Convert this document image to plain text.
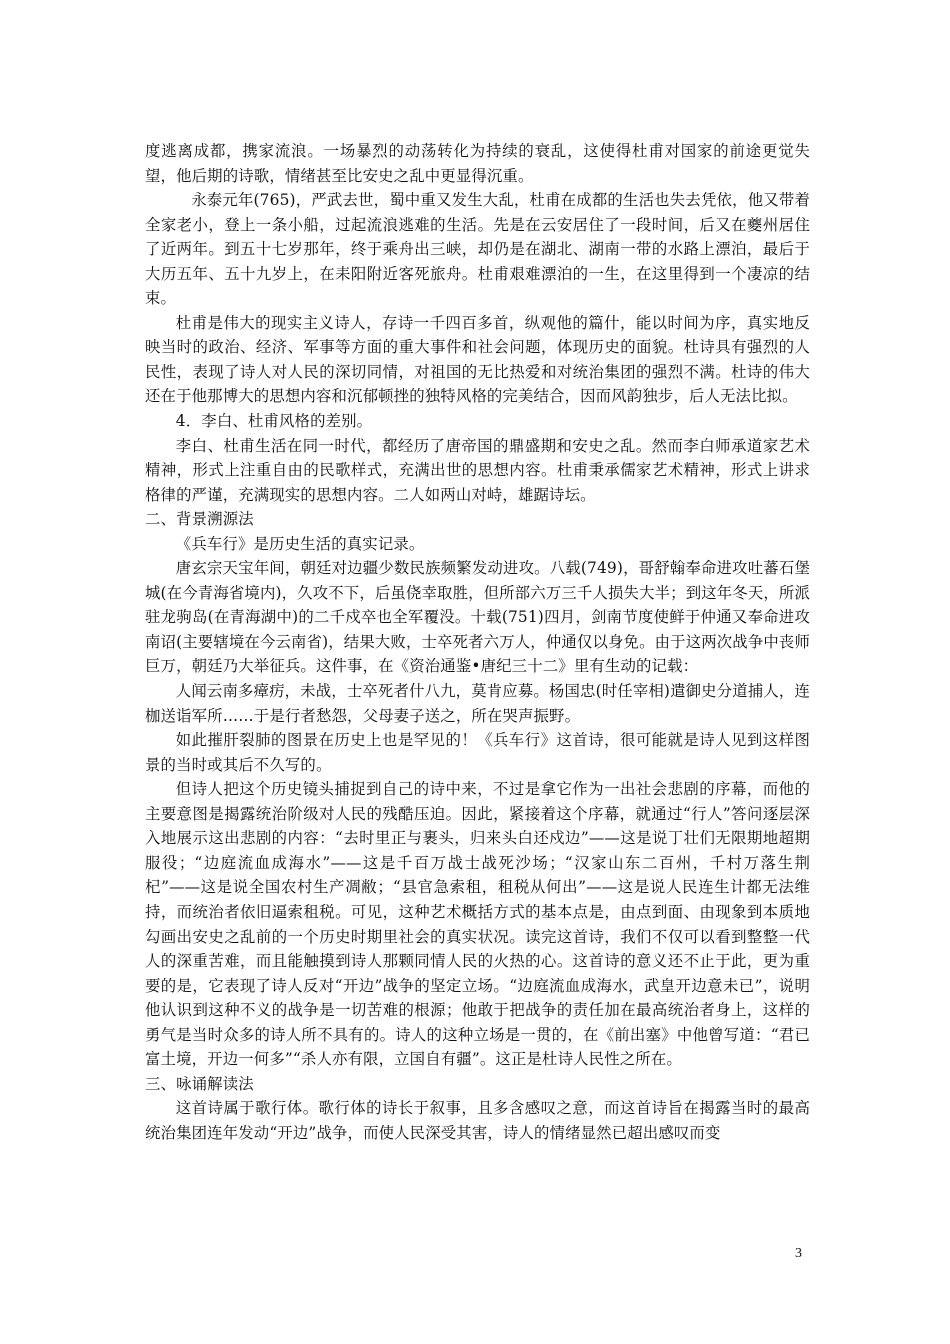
度逃离成都，携家流浪。一场暴烈的动荡转化为持续的衰乱，这使得杜甫对国家的前途更觉失望，他后期的诗歌，情绪甚至比安史之乱中更显得沉重。

永泰元年(765)，严武去世，蜀中重又发生大乱，杜甫在成都的生活也失去凭依，他又带着全家老小，登上一条小船，过起流浪逃难的生活。先是在云安居住了一段时间，后又在夔州居住了近两年。到五十七岁那年，终于乘舟出三峡，却仍是在湖北、湖南一带的水路上漂泊，最后于大历五年、五十九岁上，在耒阳附近客死旅舟。杜甫艰难漂泊的一生，在这里得到一个凄凉的结束。

杜甫是伟大的现实主义诗人，存诗一千四百多首，纵观他的篇什，能以时间为序，真实地反映当时的政治、经济、军事等方面的重大事件和社会问题，体现历史的面貌。杜诗具有强烈的人民性，表现了诗人对人民的深切同情，对祖国的无比热爱和对统治集团的强烈不满。杜诗的伟大还在于他那博大的思想内容和沉郁顿挫的独特风格的完美结合，因而风韵独步，后人无法比拟。

4．李白、杜甫风格的差别。

李白、杜甫生活在同一时代，都经历了唐帝国的鼎盛期和安史之乱。然而李白师承道家艺术精神，形式上注重自由的民歌样式，充满出世的思想内容。杜甫秉承儒家艺术精神，形式上讲求格律的严谨，充满现实的思想内容。二人如两山对峙，雄踞诗坛。

二、背景溯源法

《兵车行》是历史生活的真实记录。

唐玄宗天宝年间，朝廷对边疆少数民族频繁发动进攻。八载(749)，哥舒翰奉命进攻吐蕃石堡城(在今青海省境内)，久攻不下，后虽侥幸取胜，但所部六万三千人损失大半；到这年冬天，所派驻龙驹岛(在青海湖中)的二千戍卒也全军覆没。十载(751)四月，剑南节度使鲜于仲通又奉命进攻南诏(主要辖境在今云南省)，结果大败，士卒死者六万人，仲通仅以身免。由于这两次战争中丧师巨万，朝廷乃大举征兵。这件事，在《资治通鉴•唐纪三十二》里有生动的记载：

人闻云南多瘴疠，未战，士卒死者什八九，莫肯应募。杨国忠(时任宰相)遣御史分道捕人，连枷送诣军所……于是行者愁怨，父母妻子送之，所在哭声振野。

如此摧肝裂肺的图景在历史上也是罕见的！《兵车行》这首诗，很可能就是诗人见到这样图景的当时或其后不久写的。

但诗人把这个历史镜头捕捉到自己的诗中来，不过是拿它作为一出社会悲剧的序幕，而他的主要意图是揭露统治阶级对人民的残酷压迫。因此，紧接着这个序幕，就通过“行人”答问逐层深入地展示这出悲剧的内容：“去时里正与裹头，归来头白还戍边”——这是说丁壮们无限期地超期服役；“边庭流血成海水”——这是千百万战士战死沙场；“汉家山东二百州，千村万落生荆杞”——这是说全国农村生产凋敝；“县官急索租，租税从何出”——这是说人民连生计都无法维持，而统治者依旧逼索租税。可见，这种艺术概括方式的基本点是，由点到面、由现象到本质地勾画出安史之乱前的一个历史时期里社会的真实状况。读完这首诗，我们不仅可以看到整整一代人的深重苦难，而且能触摸到诗人那颗同情人民的火热的心。这首诗的意义还不止于此，更为重要的是，它表现了诗人反对“开边”战争的坚定立场。“边庭流血成海水，武皇开边意未已”，说明他认识到这种不义的战争是一切苦难的根源；他敢于把战争的责任加在最高统治者身上，这样的勇气是当时众多的诗人所不具有的。诗人的这种立场是一贯的，在《前出塞》中他曾写道：“君已富土境，开边一何多”“杀人亦有限，立国自有疆”。这正是杜诗人民性之所在。

三、咏诵解读法

这首诗属于歌行体。歌行体的诗长于叙事，且多含感叹之意，而这首诗旨在揭露当时的最高统治集团连年发动“开边”战争，而使人民深受其害，诗人的情绪显然已超出感叹而变

3
